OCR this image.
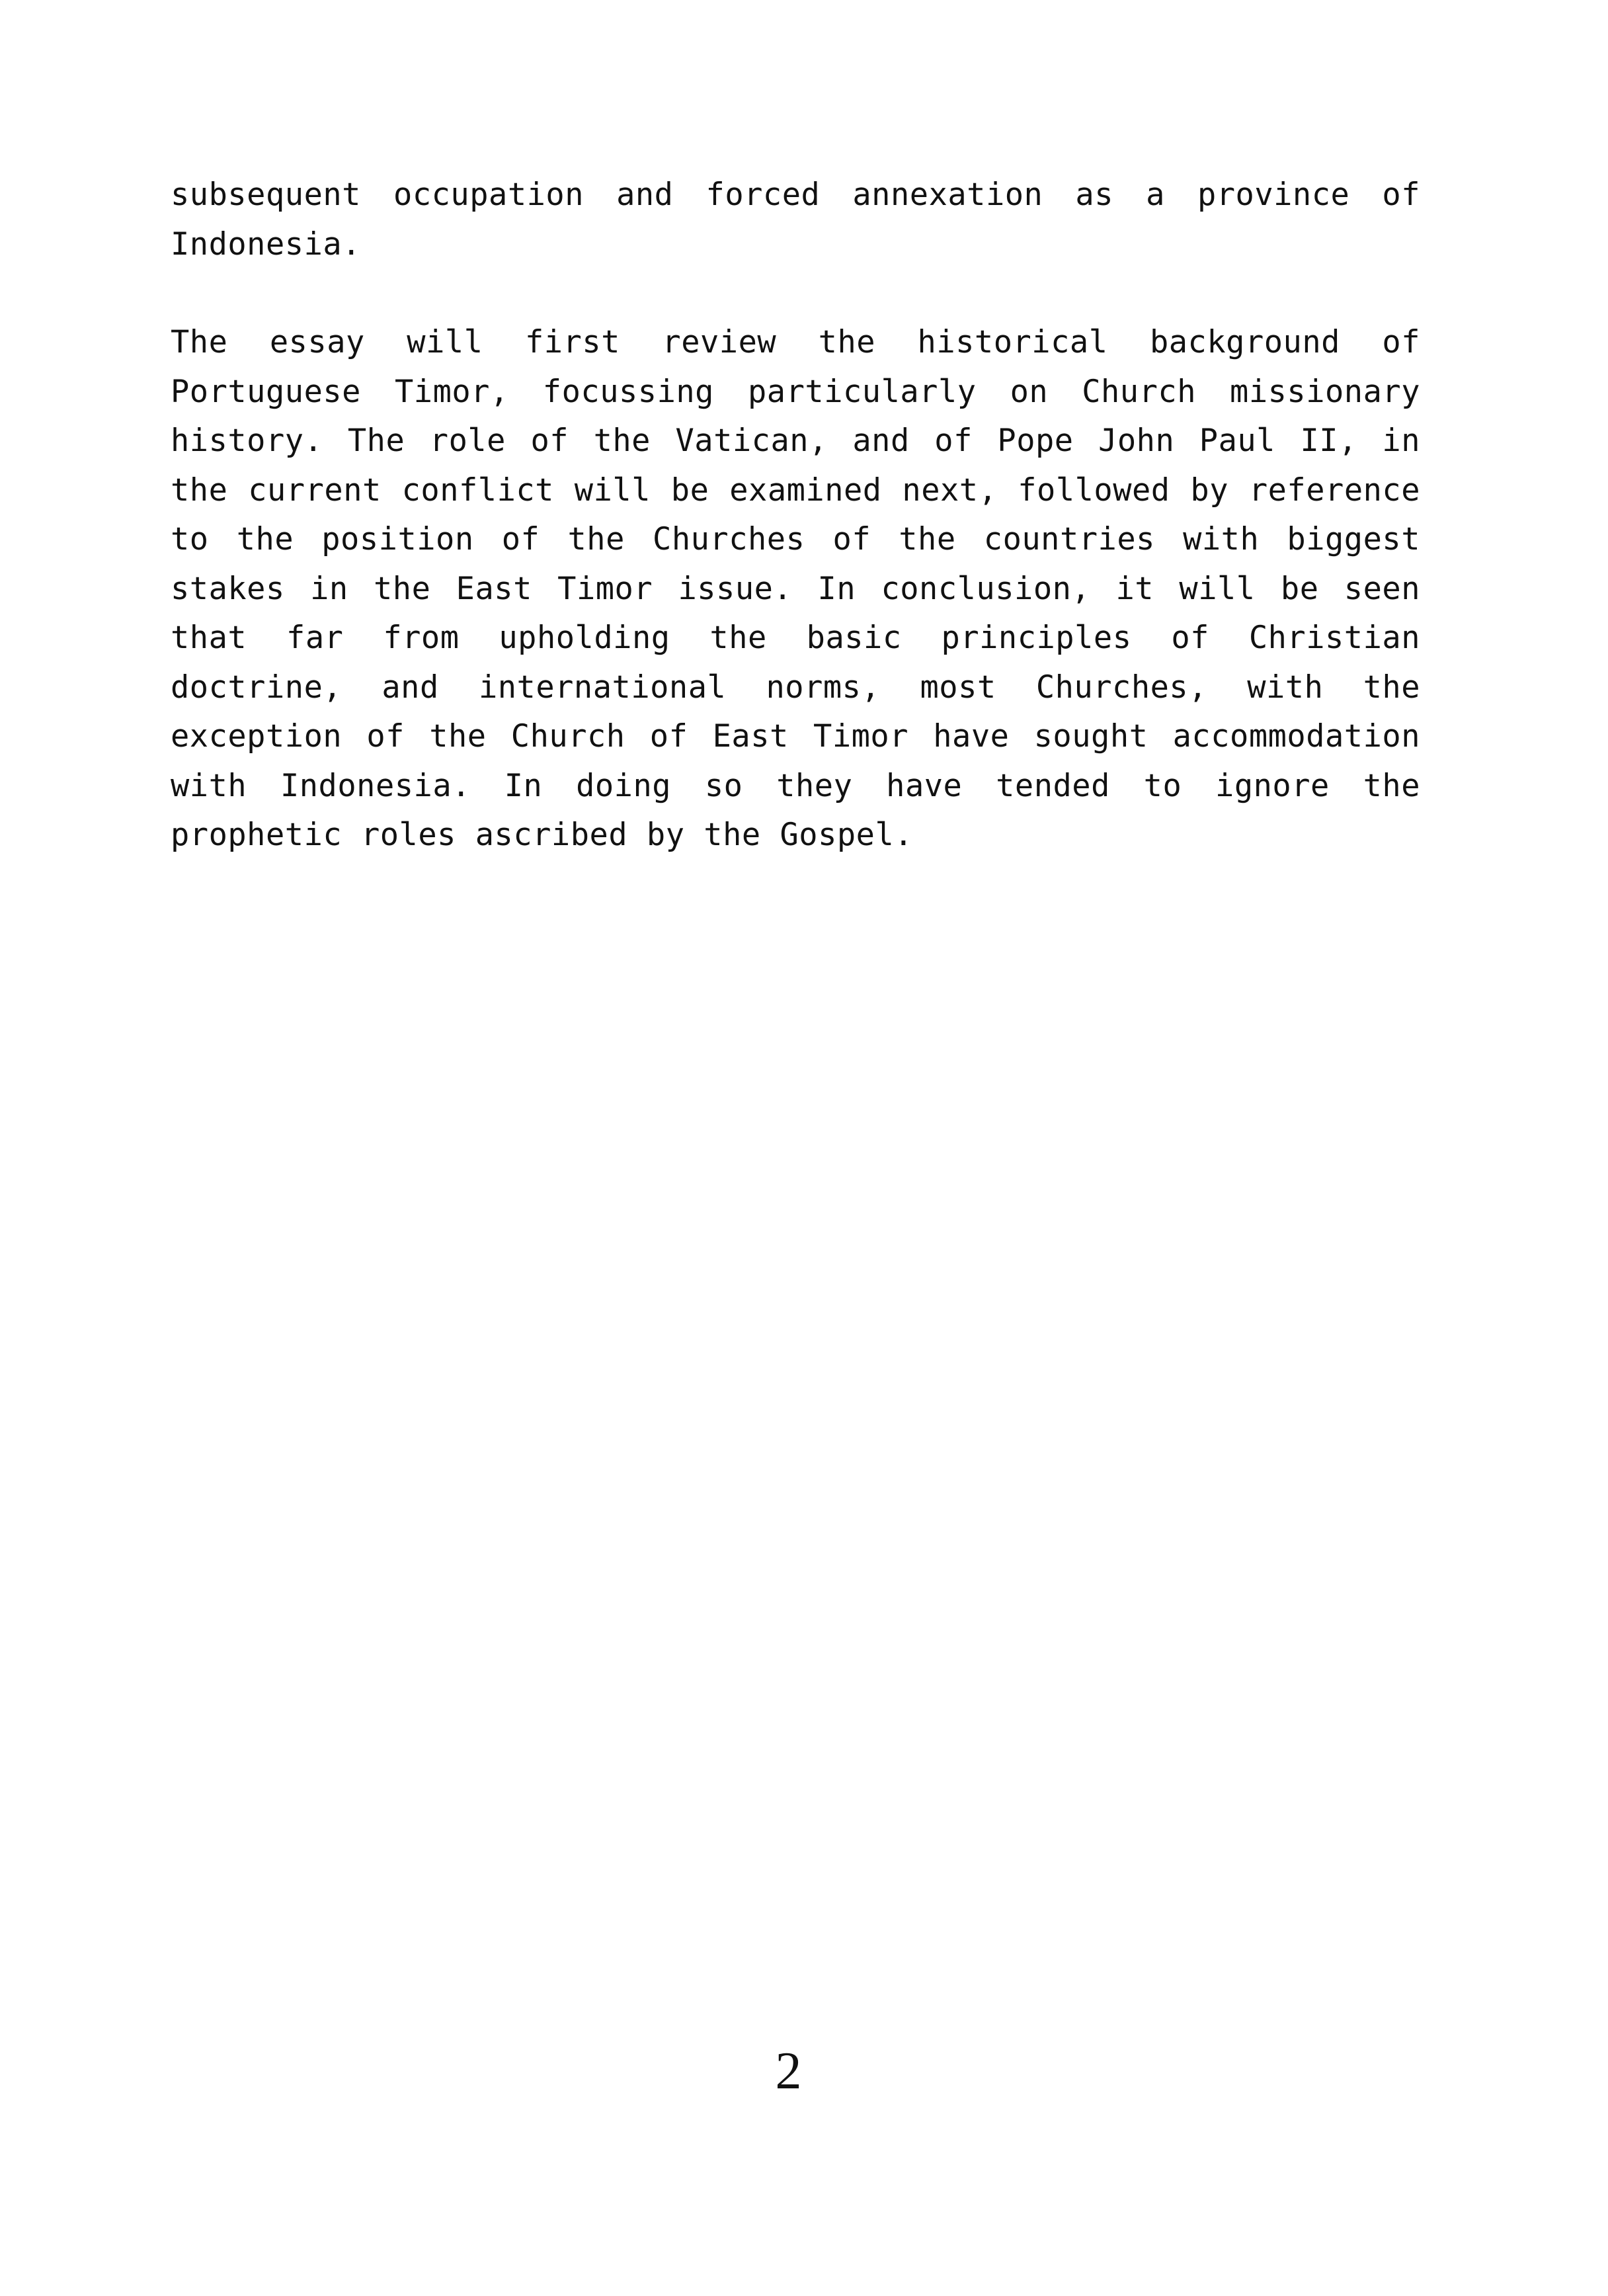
subsequent occupation and forced annexation as a province of
Indonesia.
The essay will first review the historical background of
Portuguese Timor, focussing particularly on Church missionary
history. The role of the Vatican, and of Pope John Paul II, in
the current conflict will be examined next, followed by reference
to the position of the Churches of the countries with biggest
stakes in the East Timor issue. In conclusion, it will be seen
that far from upholding the basic principles of Christian
doctrine, and international norms, most Churches, with the
exception of the Church of East Timor have sought accommodation
with Indonesia. In doing so they have tended to ignore the
prophetic roles ascribed by the Gospel.
2
